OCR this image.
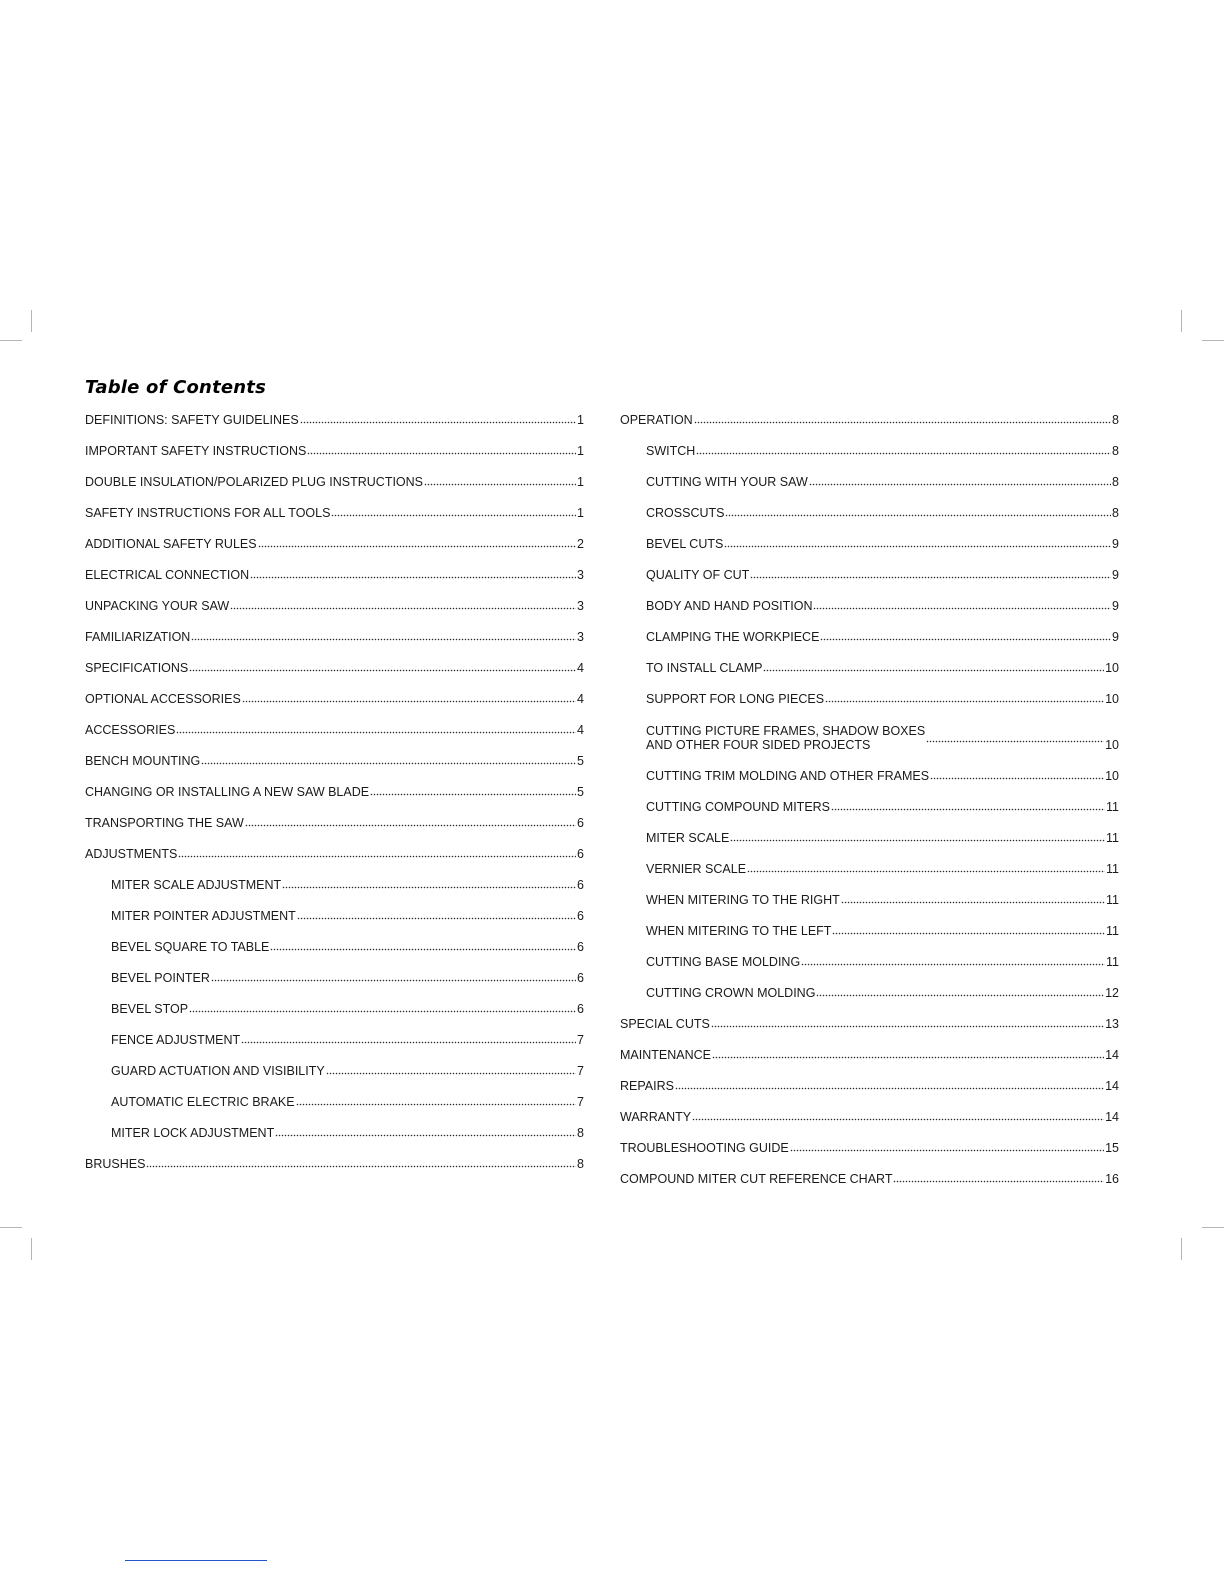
Table of Contents
DEFINITIONS: SAFETY GUIDELINES	1
IMPORTANT SAFETY INSTRUCTIONS	1
DOUBLE INSULATION/POLARIZED PLUG INSTRUCTIONS	1
SAFETY INSTRUCTIONS FOR ALL TOOLS	1
ADDITIONAL SAFETY RULES	2
ELECTRICAL CONNECTION	3
UNPACKING YOUR SAW	3
FAMILIARIZATION	3
SPECIFICATIONS	4
OPTIONAL ACCESSORIES	4
ACCESSORIES	4
BENCH MOUNTING	5
CHANGING OR INSTALLING A NEW SAW BLADE	5
TRANSPORTING THE SAW	6
ADJUSTMENTS	6
MITER SCALE ADJUSTMENT	6
MITER POINTER ADJUSTMENT	6
BEVEL SQUARE TO TABLE	6
BEVEL POINTER	6
BEVEL STOP	6
FENCE ADJUSTMENT	7
GUARD ACTUATION AND VISIBILITY	7
AUTOMATIC ELECTRIC BRAKE	7
MITER LOCK ADJUSTMENT	8
BRUSHES	8
OPERATION	8
SWITCH	8
CUTTING WITH YOUR SAW	8
CROSSCUTS	8
BEVEL CUTS	9
QUALITY OF CUT	9
BODY AND HAND POSITION	9
CLAMPING THE WORKPIECE	9
TO INSTALL CLAMP	10
SUPPORT FOR LONG PIECES	10
CUTTING PICTURE FRAMES, SHADOW BOXES
AND OTHER FOUR SIDED PROJECTS	10
CUTTING TRIM MOLDING AND OTHER FRAMES	10
CUTTING COMPOUND MITERS	11
MITER SCALE	11
VERNIER SCALE	11
WHEN MITERING TO THE RIGHT	11
WHEN MITERING TO THE LEFT	11
CUTTING BASE MOLDING	11
CUTTING CROWN MOLDING	12
SPECIAL CUTS	13
MAINTENANCE	14
REPAIRS	14
WARRANTY	14
TROUBLESHOOTING GUIDE	15
COMPOUND MITER CUT REFERENCE CHART	16
